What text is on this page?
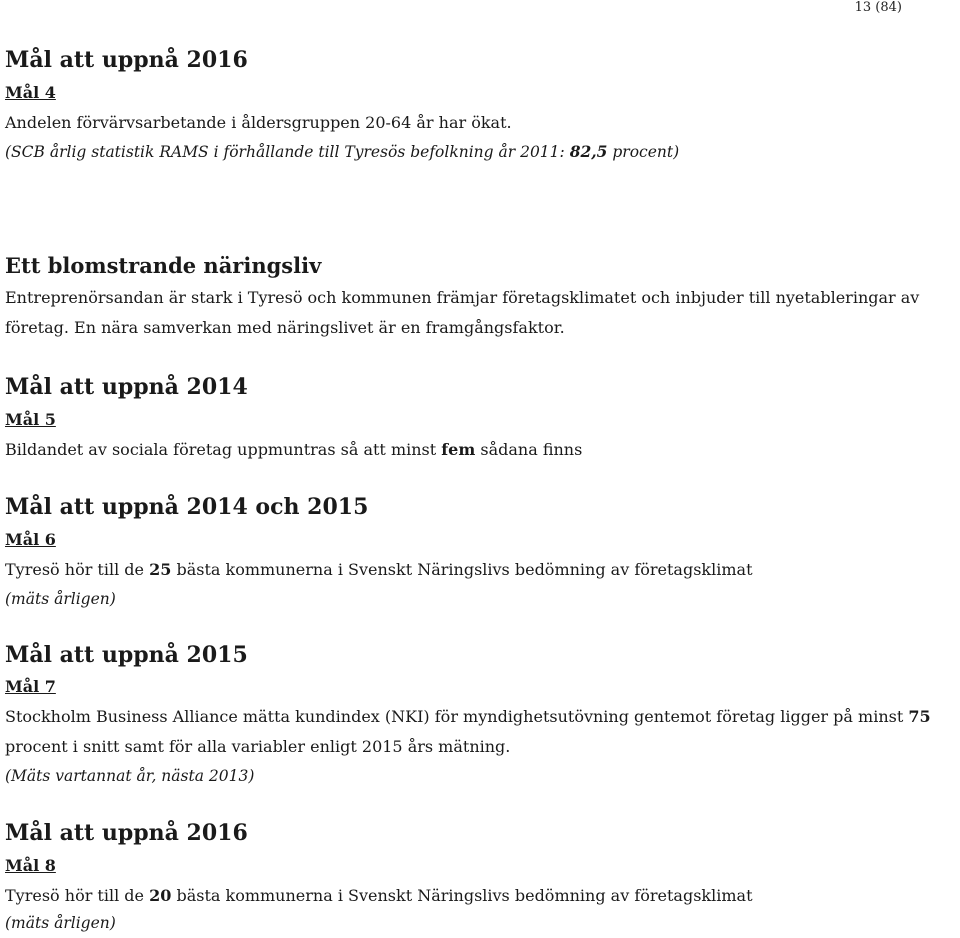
13 (84)
Mål att uppnå 2016
Mål 4
Andelen förvärvsarbetande i åldersgruppen 20-64 år har ökat.
(SCB årlig statistik RAMS i förhållande till Tyresös befolkning år 2011: 82,5 procent)
Ett blomstrande näringsliv
Entreprenörsandan är stark i Tyresö och kommunen främjar företagsklimatet och inbjuder till nyetableringar av
företag. En nära samverkan med näringslivet är en framgångsfaktor.
Mål att uppnå 2014
Mål 5
Bildandet av sociala företag uppmuntras så att minst fem sådana finns
Mål att uppnå 2014 och 2015
Mål 6
Tyresö hör till de 25 bästa kommunerna i Svenskt Näringslivs bedömning av företagsklimat
(mäts årligen)
Mål att uppnå 2015
Mål 7
Stockholm Business Alliance mätta kundindex (NKI) för myndighetsutövning gentemot företag ligger på minst 75
procent i snitt samt för alla variabler enligt 2015 års mätning.
(Mäts vartannat år, nästa 2013)
Mål att uppnå 2016
Mål 8
Tyresö hör till de 20 bästa kommunerna i Svenskt Näringslivs bedömning av företagsklimat
(mäts årligen)
